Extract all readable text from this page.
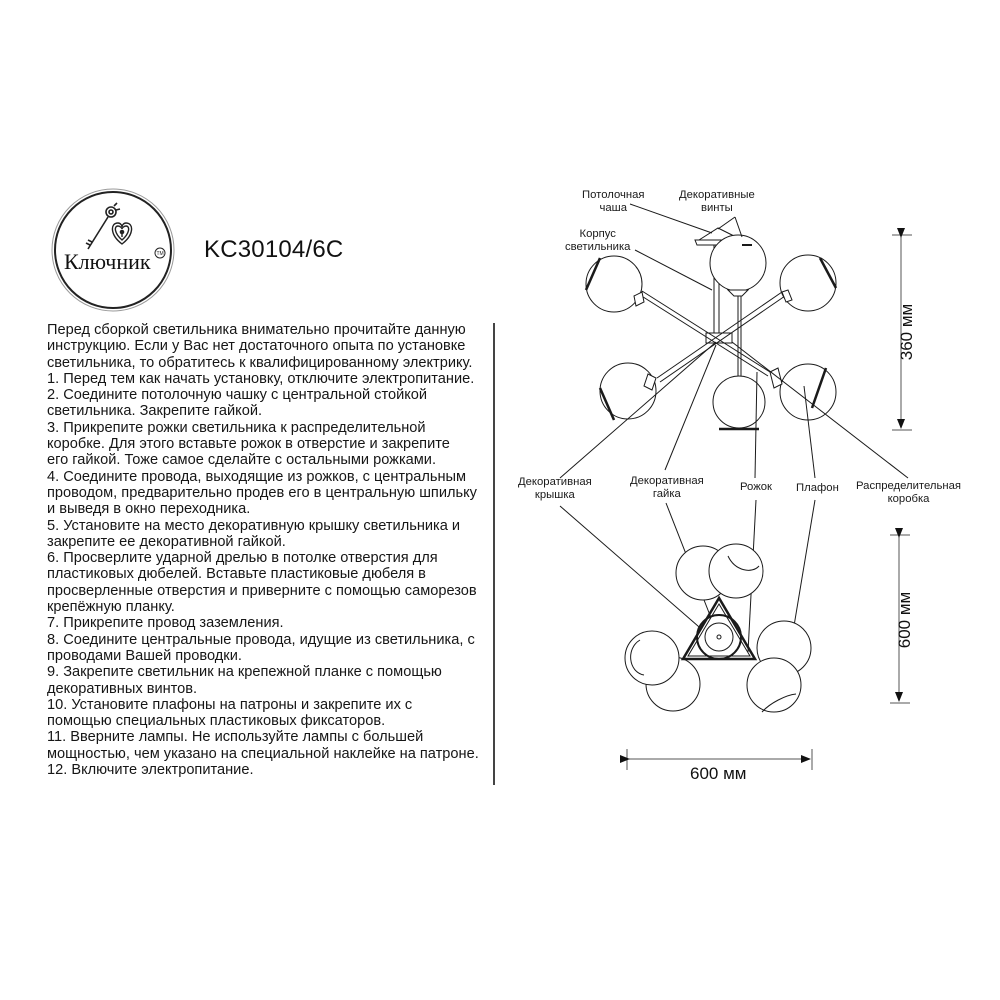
Ключник TM KC30104/6C

Перед сборкой светильника внимательно прочитайте данную

инструкцию. Если у Вас нет достаточного опыта по установке

светильника, то обратитесь к квалифицированному электрику.

1. Перед тем как начать установку, отключите электропитание.

2. Соедините потолочную чашку с центральной стойкой

светильника. Закрепите гайкой.

3. Прикрепите рожки светильника к распределительной

коробке. Для этого вставьте рожок в отверстие и закрепите

его гайкой. Тоже самое сделайте с остальными рожками.

4. Соедините провода, выходящие из рожков, с центральным

проводом, предварительно продев его в центральную шпильку

и выведя в окно переходника.

5. Установите на место декоративную крышку светильника и

закрепите ее декоративной гайкой.

6. Просверлите ударной дрелью в потолке отверстия для

пластиковых дюбелей. Вставьте пластиковые дюбеля в

просверленные отверстия и приверните с помощью саморезов

крепёжную планку.

7. Прикрепите провод заземления.

8. Соедините центральные провода, идущие из светильника, с

проводами Вашей проводки.

9. Закрепите светильник на крепежной планке с помощью

декоративных винтов.

10. Установите плафоны на патроны и закрепите их с

помощью специальных пластиковых фиксаторов.

11. Вверните лампы. Не используйте лампы с большей

мощностью, чем указано на специальной наклейке на патроне.

12. Включите электропитание.

Потолочная
чаша
Декоративные
винты
Корпус
светильника
Декоративная
крышка
Декоративная
гайка
Рожок Плафон Распределительная
коробка
360 мм
600 мм
600 мм
